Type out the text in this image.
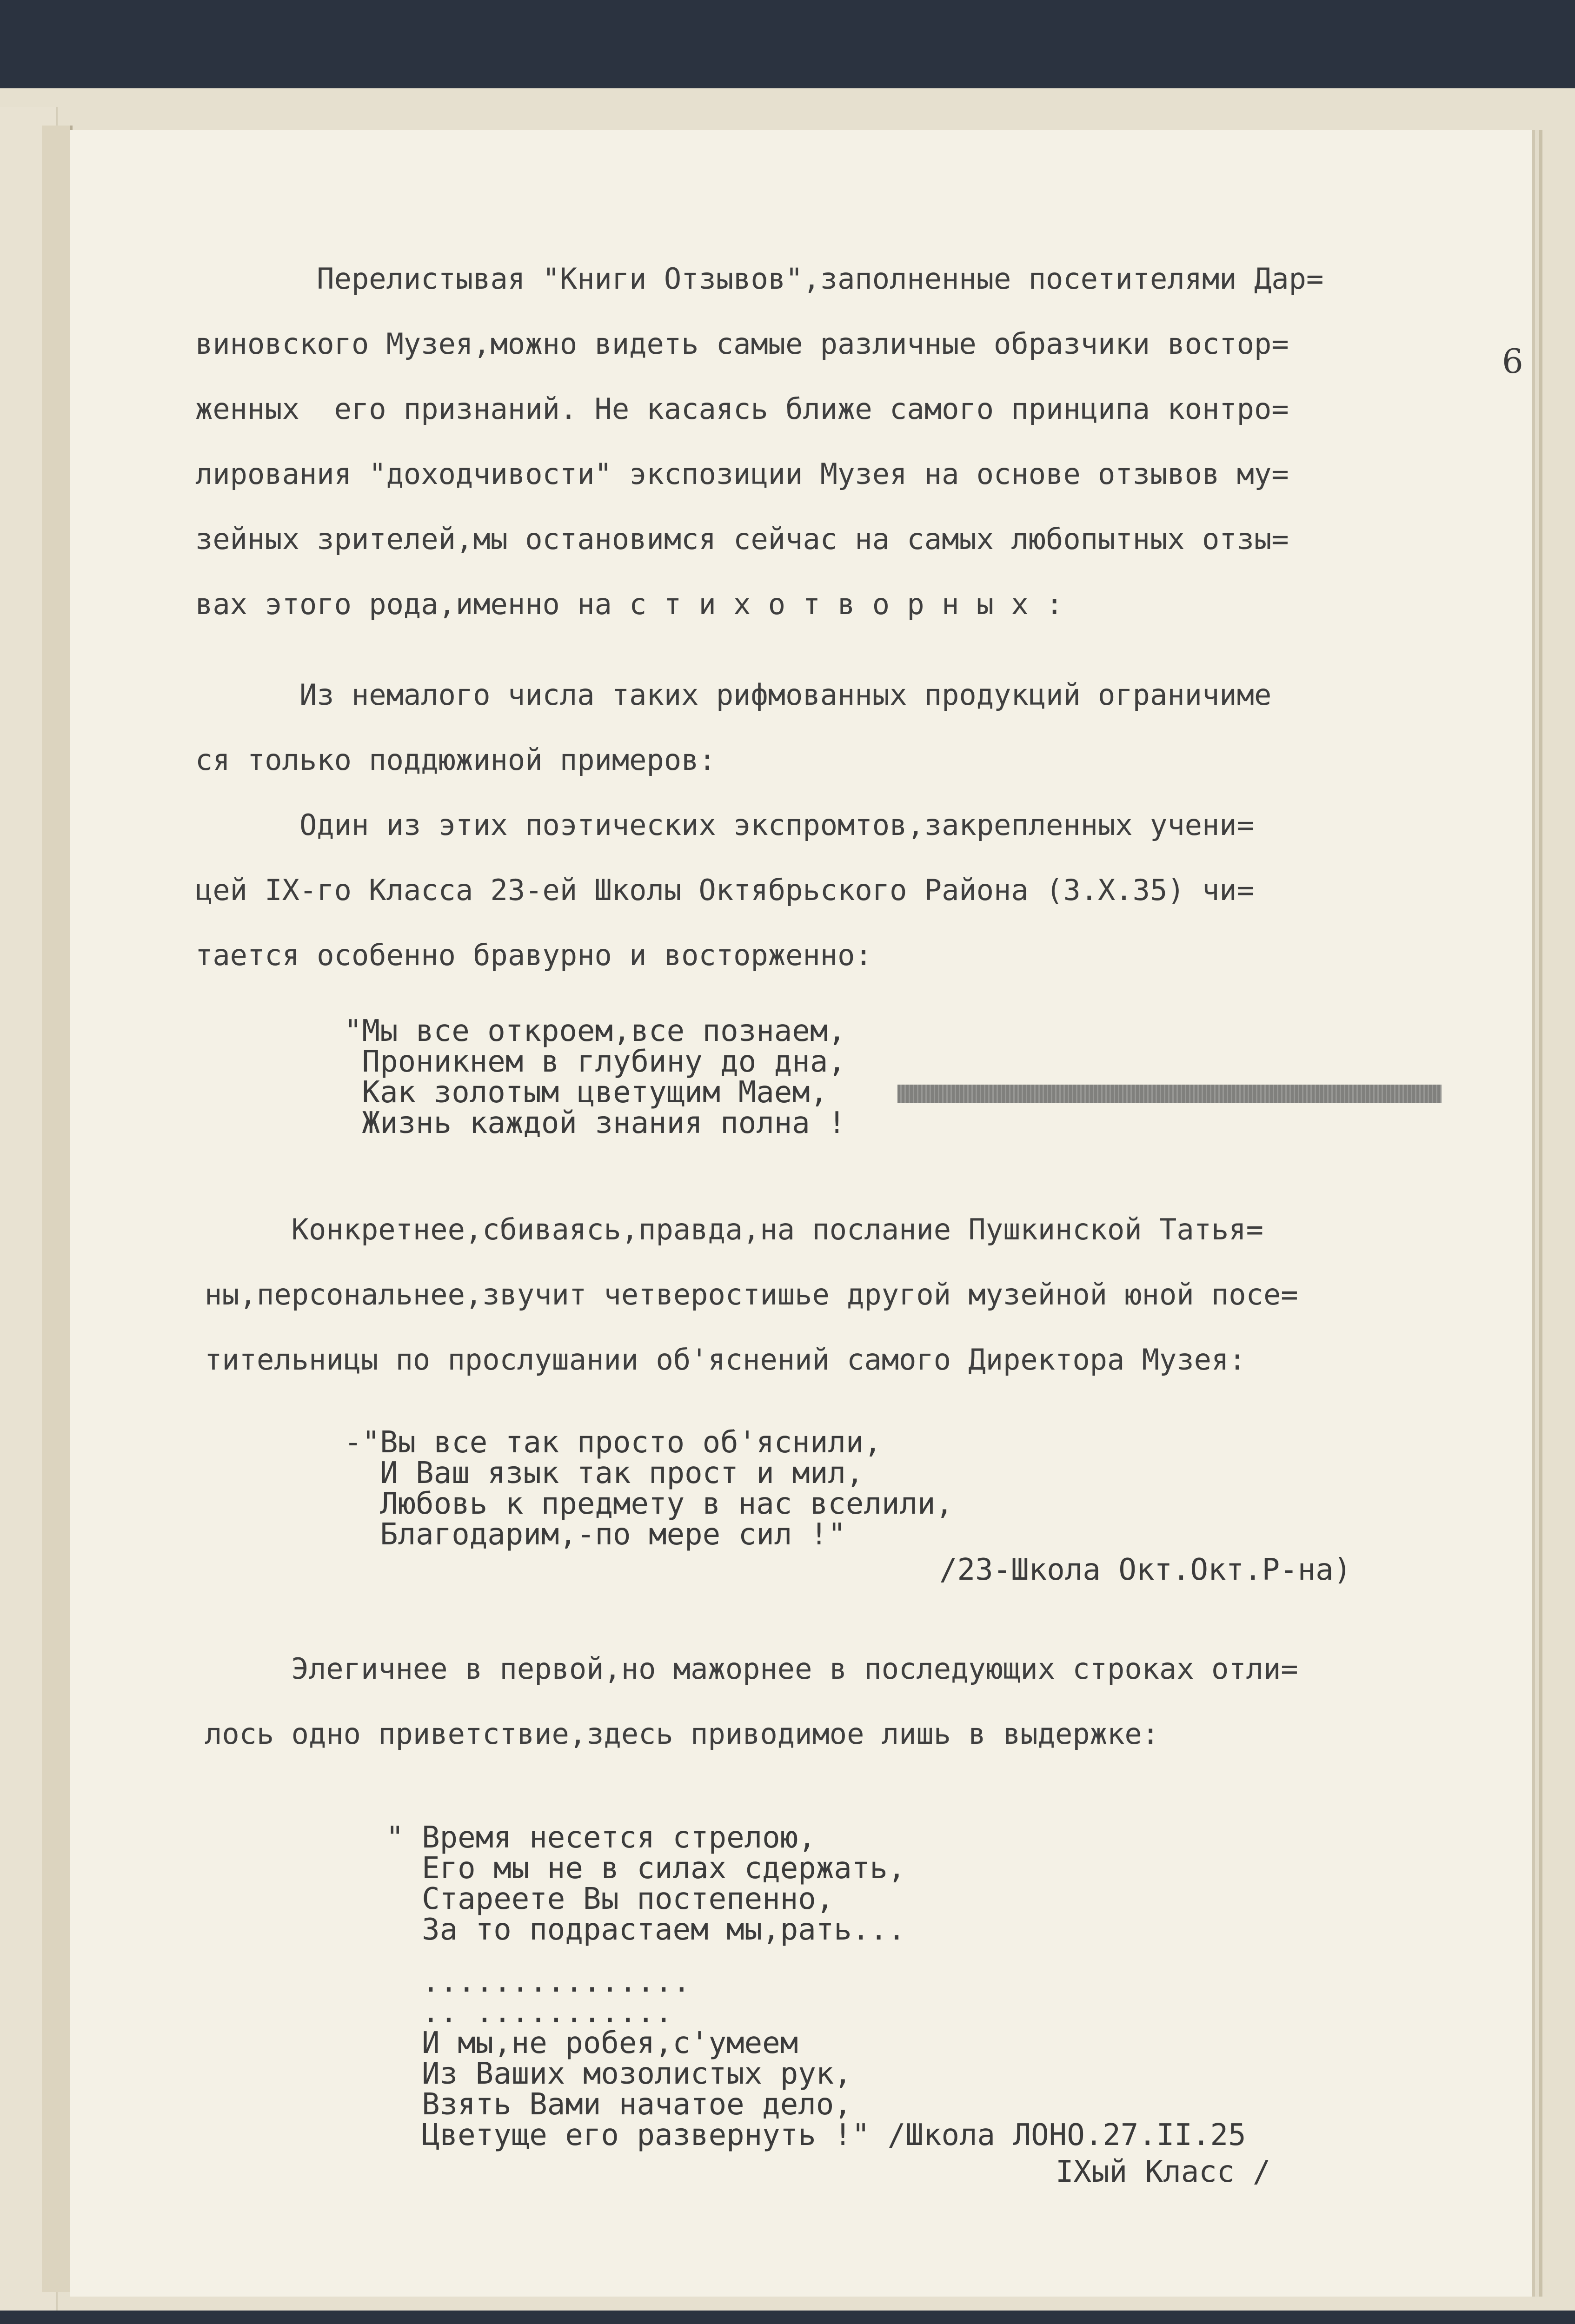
6
Перелистывая "Книги Отзывов",заполненные посетителями Дар=
виновского Музея,можно видеть самые различные образчики востор=
женных  его признаний. Не касаясь ближе самого принципа контро=
лирования "доходчивости" экспозиции Музея на основе отзывов му=
зейных зрителей,мы остановимся сейчас на самых любопытных отзы=
вах этого рода,именно на с т и х о т в о р н ы х :
Из немалого числа таких рифмованных продукций ограничиме
ся только поддюжиной примеров:
Один из этих поэтических экспромтов,закрепленных учени=
цей IX-го Класса 23-ей Школы Октябрьского Района (3.X.35) чи=
тается особенно бравурно и восторженно:
"Мы все откроем,все познаем,
Проникнем в глубину до дна,
Как золотым цветущим Маем,
Жизнь каждой знания полна !
Конкретнее,сбиваясь,правда,на послание Пушкинской Татья=
ны,персональнее,звучит четверостишье другой музейной юной посе=
тительницы по прослушании об'яснений самого Директора Музея:
-"Вы все так просто об'яснили,
И Ваш язык так прост и мил,
Любовь к предмету в нас вселили,
Благодарим,-по мере сил !"
/23-Школа Окт.Окт.Р-на)
Элегичнее в первой,но мажорнее в последующих строках отли=
лось одно приветствие,здесь приводимое лишь в выдержке:
" Время несется стрелою,
Его мы не в силах сдержать,
Стареете Вы постепенно,
За то подрастаем мы,рать...
...............
.. ...........
И мы,не робея,с'умеем
Из Ваших мозолистых рук,
Взять Вами начатое дело,
Цветуще его развернуть !" /Школа ЛОНО.27.II.25
IХый Класс /
